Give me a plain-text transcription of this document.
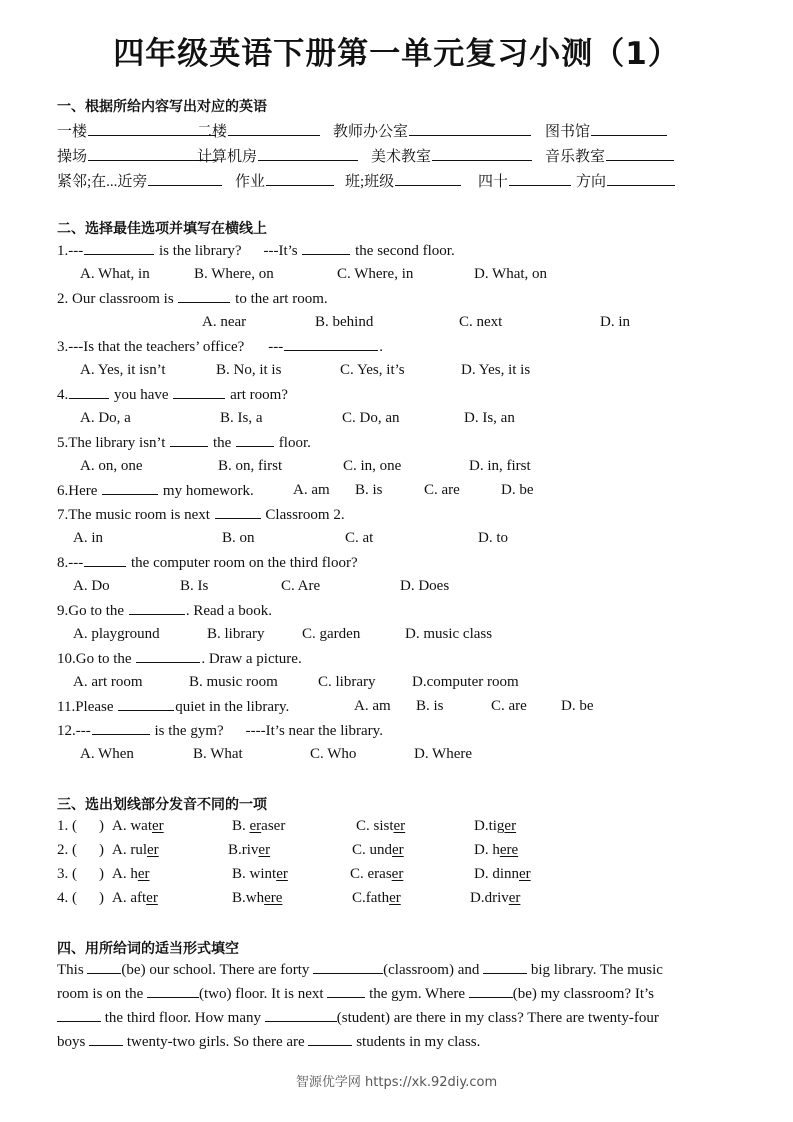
四年级英语下册第一单元复习小测（1）
一、根据所给内容写出对应的英语
一楼	二楼	教师办公室	图书馆
操场	计算机房	美术教室	音乐教室
紧邻;在...近旁	作业	班;班级	四十	方向
二、选择最佳选项并填写在横线上
1.---	is the library? ---It’s	the second floor.
A. What, in	B. Where, on	C. Where, in	D. What, on
2. Our classroom is	to the art room.
A. near	B. behind	C. next	D. in
3.---Is that the teachers’ office? ---	.
A. Yes, it isn’t	B. No, it is	C. Yes, it’s	D. Yes, it is
4.	you have	art room?
A. Do, a	B. Is, a	C. Do, an	D. Is, an
5.The library isn’t	the	floor.
A. on, one	B. on, first	C. in, one	D. in, first
6.Here	my homework.	A. am B. is	C. are	D. be
7.The music room is next	Classroom 2.
A. in	B. on	C. at	D. to
8.---	the computer room on the third floor?
A. Do	B. Is	C. Are	D. Does
9.Go to the	. Read a book.
A. playground	B. library	C. garden	D. music class
10.Go to the	. Draw a picture.
A. art room	B. music room	C. library D.computer room
11.Please	quiet in the library.	A. am B. is	C. are D. be
12.---	is the gym? ----It’s near the library.
A. When	B. What	C. Who	D. Where
三、选出划线部分发音不同的一项
1. ( ) A. water	B. eraser	C. sister	D.tiger
2. ( ) A. ruler	B.river	C. under	D. here
3. ( ) A. her	B. winter	C. eraser	D. dinner
4. ( ) A. after	B.where	C.father	D.driver
四、用所给词的适当形式填空
This (be) our school. There are forty	(classroom) and	big library. The music
room is on the	(two) floor. It is next	the gym. Where	(be) my classroom? It’s
the third floor. How many	(student) are there in my class? There are twenty-four
boys  twenty-two girls. So there are	students in my class.
智源优学网 https://xk.92diy.com
